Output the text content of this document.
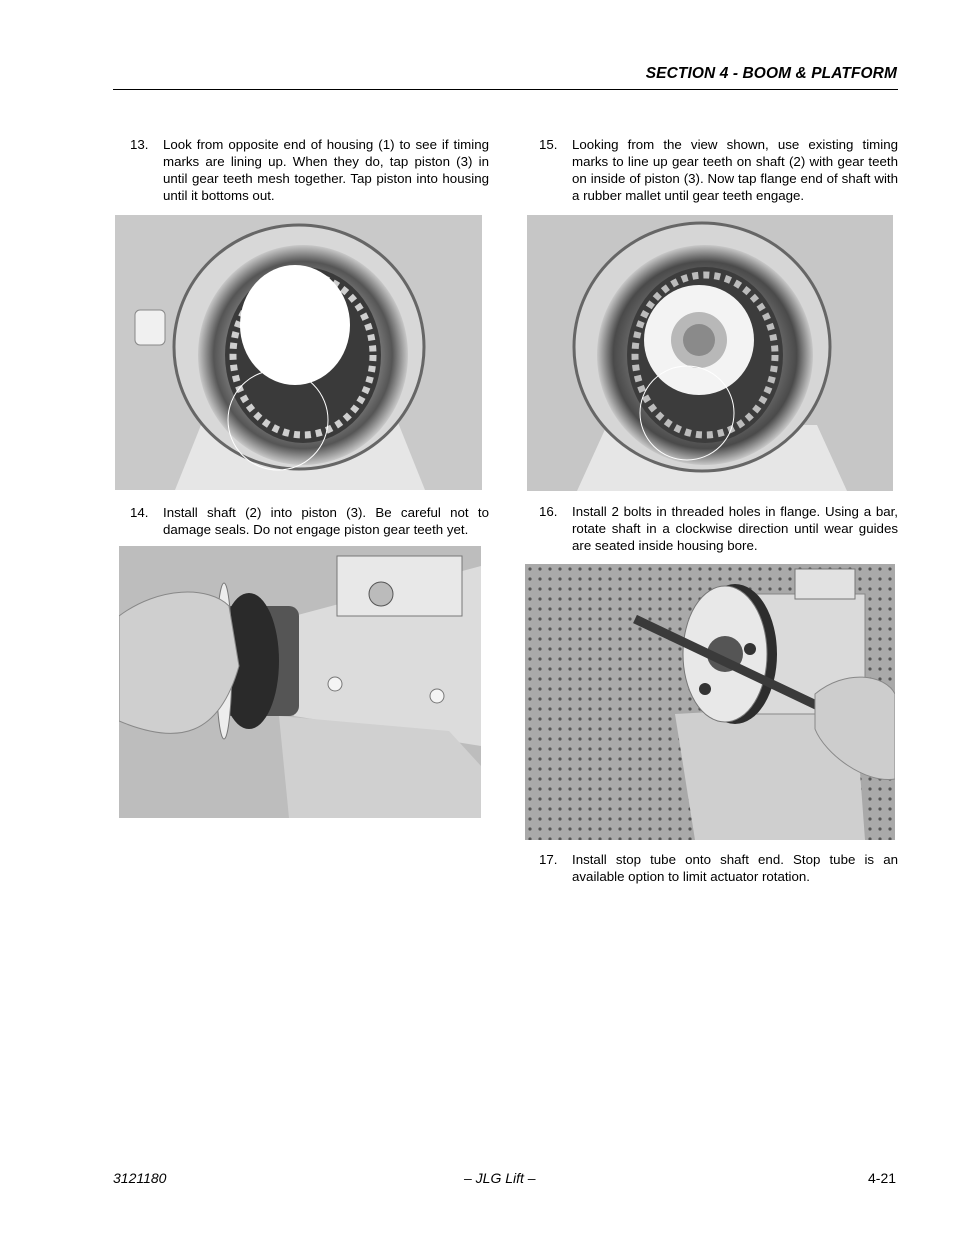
SECTION 4 - BOOM & PLATFORM
13. Look from opposite end of housing (1) to see if timing marks are lining up. When they do, tap piston (3) in until gear teeth mesh together. Tap piston into housing until it bottoms out.
14. Install shaft (2) into piston (3). Be careful not to damage seals. Do not engage piston gear teeth yet.
15. Looking from the view shown, use existing timing marks to line up gear teeth on shaft (2) with gear teeth on inside of piston (3). Now tap flange end of shaft with a rubber mallet until gear teeth engage.
16. Install 2 bolts in threaded holes in flange. Using a bar, rotate shaft in a clockwise direction until wear guides are seated inside housing bore.
17. Install stop tube onto shaft end. Stop tube is an available option to limit actuator rotation.
3121180	– JLG Lift –	4-21
